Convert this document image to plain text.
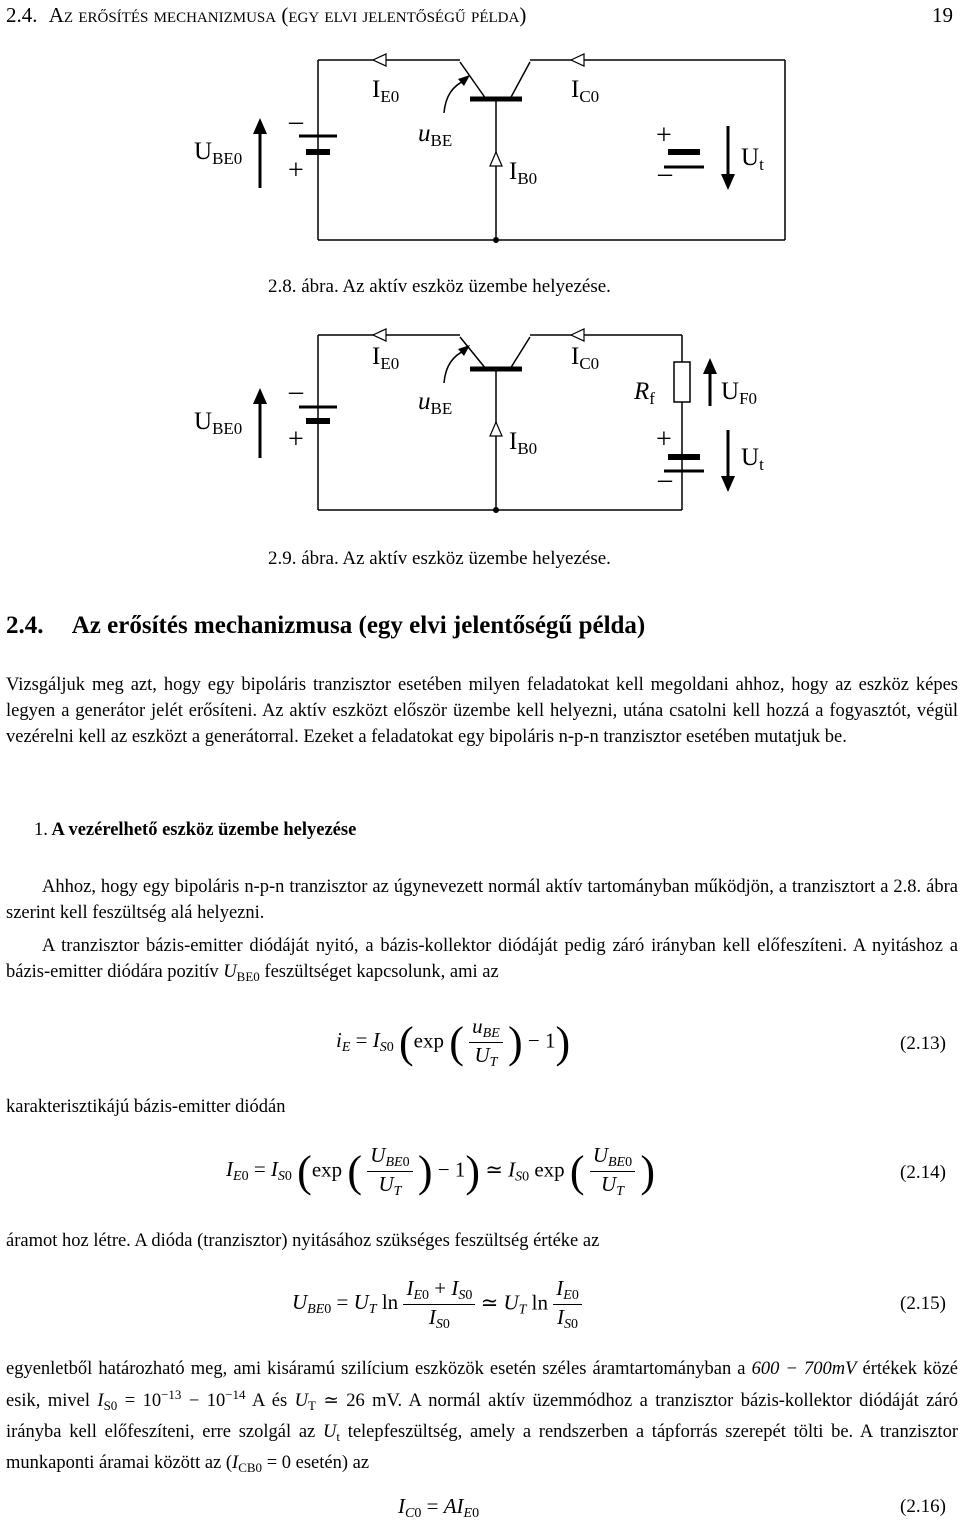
2.4. Az erősítés mechanizmusa (egy elvi jelentőségű példa)	19
$U_{BE0}$
–
+
$I_{E0}$
$u_{BE}$
$I_{C0}$
$I_{B0}$
+
–
$U_t$
2.8. ábra. Az aktív eszköz üzembe helyezése.
$U_{BE0}$
–
+
$I_{E0}$
$u_{BE}$
$I_{C0}$
$R_f$	$U_{F0}$
$I_{B0}$	+
–
$U_t$
2.9. ábra. Az aktív eszköz üzembe helyezése.
2.4. Az erősítés mechanizmusa (egy elvi jelentőségű példa)
Vizsgáljuk meg azt, hogy egy bipoláris tranzisztor esetében milyen feladatokat kell megoldani ahhoz, hogy az eszköz képes legyen a generátor jelét erősíteni. Az aktív eszközt először üzembe kell helyezni, utána csatolni kell hozzá a fogyasztót, végül vezérelni kell az eszközt a generátorral. Ezeket a feladatokat egy bipoláris n-p-n tranzisztor esetében mutatjuk be.
1. A vezérelhető eszköz üzembe helyezése
Ahhoz, hogy egy bipoláris n-p-n tranzisztor az úgynevezett normál aktív tartományban működjön, a tranzisztort a 2.8. ábra szerint kell feszültség alá helyezni.
A tranzisztor bázis-emitter diódáját nyitó, a bázis-kollektor diódáját pedig záró irányban kell előfeszíteni. A nyitáshoz a bázis-emitter diódára pozitív $U_{BE0}$ feszültséget kapcsolunk, ami az
$i_E = I_{S0}$ (exp ( $\frac{u_{BE}}{U_T}$ ) − 1)	(2.13)
karakterisztikájú bázis-emitter diódán
$I_{E0} = I_{S0}$ (exp ( $\frac{U_{BE0}}{U_T}$ ) − 1) ≃ $I_{S0}$ exp ( $\frac{U_{BE0}}{U_T}$ )	(2.14)
áramot hoz létre. A dióda (tranzisztor) nyitásához szükséges feszültség értéke az
$U_{BE0} = U_T$ $\ln \frac{I_{E0} + I_{S0}}{I_{S0}}$ ≃ $U_T$ $\ln \frac{I_{E0}}{I_{S0}}$	(2.15)
egyenletből határozható meg, ami kisáramú szilícium eszközök esetén széles áramtartományban a 600 − 700mV értékek közé esik, mivel $I_{S0} = 10^{-13} - 10^{-14}$ A és $U_T$ ≃ 26 mV. A normál aktív üzemmódhoz a tranzisztor bázis-kollektor diódáját záró irányba kell előfeszíteni, erre szolgál az $U_t$ telepfeszültség, amely a rendszerben a tápforrás szerepét tölti be. A tranzisztor munkaponti áramai között az ($I_{CB0} = 0$ esetén) az
$I_{C0} = AI_{E0}$	(2.16)
